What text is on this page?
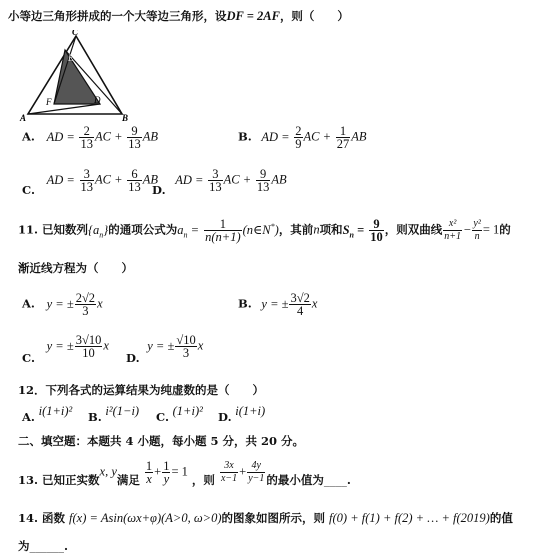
小等边三角形拼成的一个大等边三角形，设DF = 2AF，则（　　）
C
E
F	D
A	B
A. AD = $\frac{2}{13}$ AC + $\frac{9}{13}$ AB	B. AD = $\frac{2}{9}$ AC + $\frac{1}{27}$ AB
C. AD = $\frac{3}{13}$ AC + $\frac{6}{13}$ AB
D. AD = $\frac{3}{13}$ AC + $\frac{9}{13}$ AB
11. 已知数列$\{a_n\}$的通项公式为$a_n = \frac{1}{n(n+1)}$ (n∈N*)，其前n项和$S_n = \frac{9}{10}$ ，则双曲线 $\frac{\text{x²}}{n+1} - \frac{\text{y²}}{n} = 1$的
渐近线方程为（　　）
A. y = ± $\frac{2√2}{3}$ x	B. y = ± $\frac{3√2}{4}$ x
C. y = ± $\frac{3√10}{10}$ x
D. y = ± $\frac{√10}{3}$ x
12．下列各式的运算结果为纯虚数的是（　　）
A. i(1+i)² B. i²(1−i) C. (1+i)² D. i(1+i)
二、填空题：本题共 4 小题，每小题 5 分，共 20 分。
13. 已知正实数x, y满足 $\frac{1}{x} + \frac{1}{y} = 1$ ，则 $\frac{3x}{x-1} + \frac{4y}{y-1}$ 的最小值为____.
14. 函数 f(x) = Asin(ωx+φ)(A>0, ω>0)的图象如图所示，则 f(0) + f(1) + f(2) + … + f(2019)的值
为______.
